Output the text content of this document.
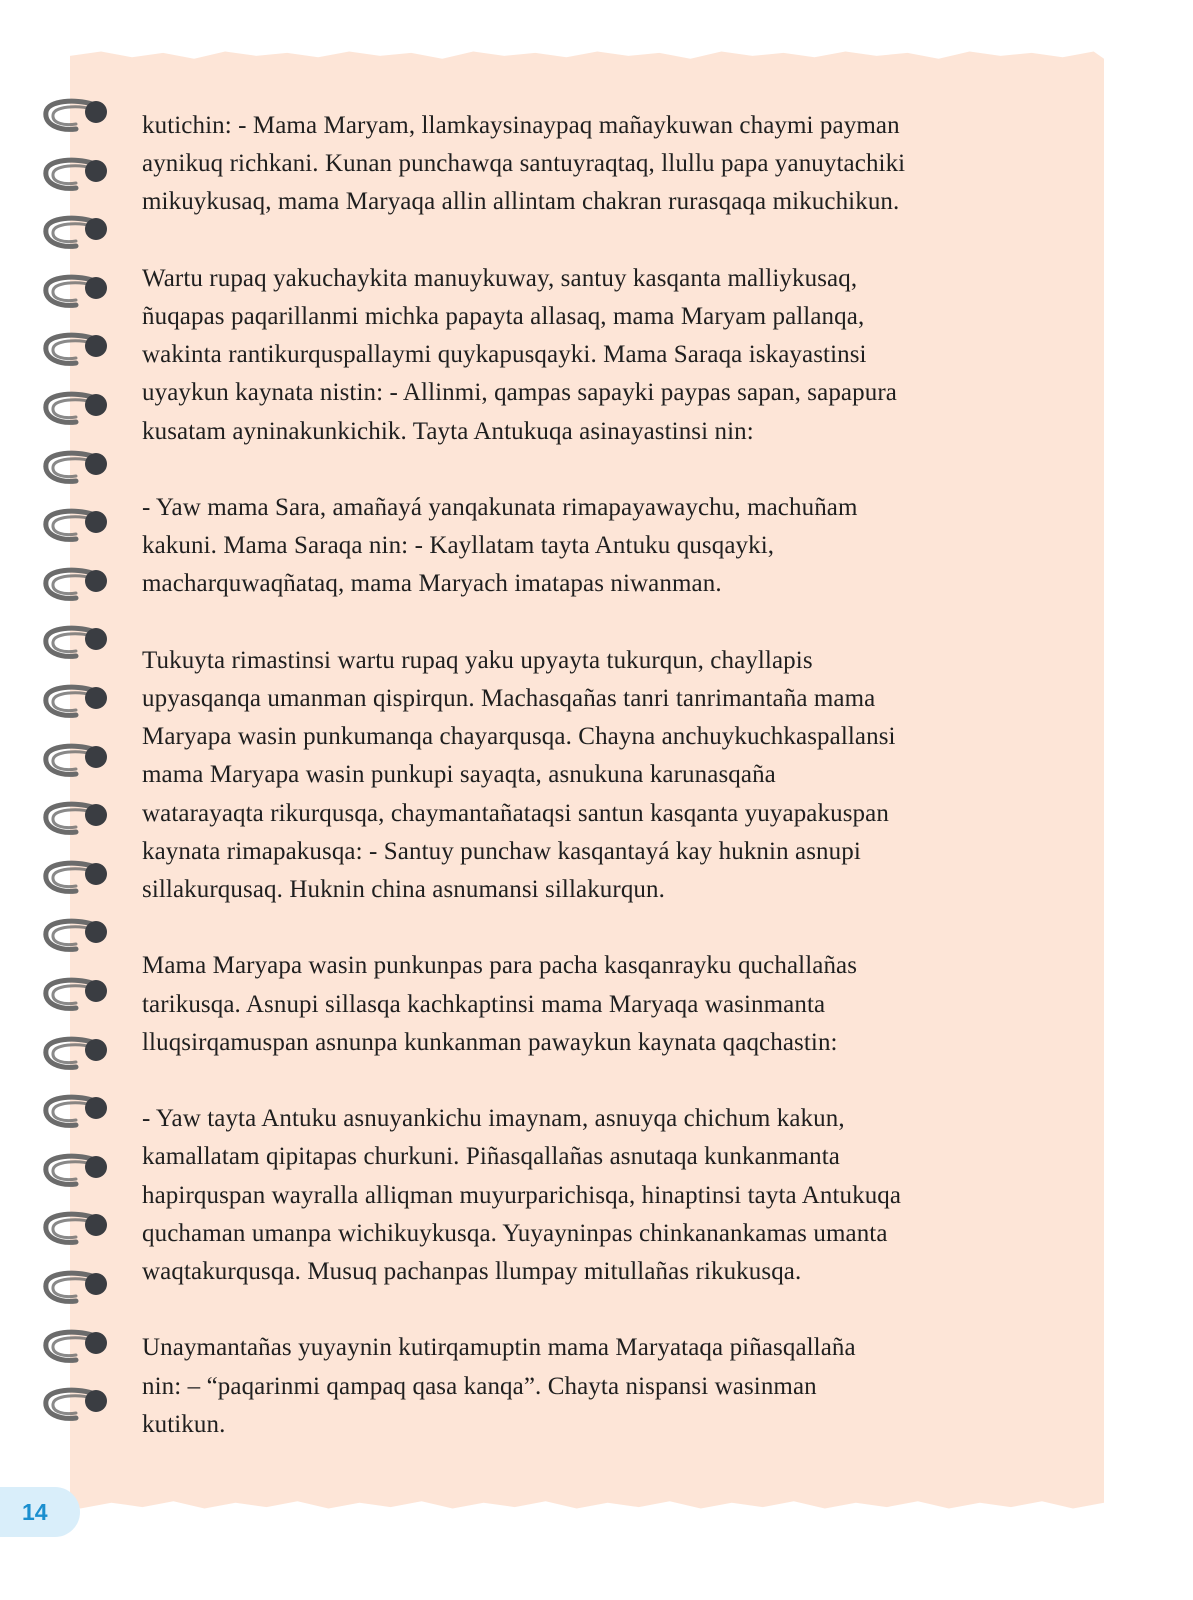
kutichin: - Mama Maryam, llamkaysinaypaq mañaykuwan chaymi payman
aynikuq richkani. Kunan punchawqa santuyraqtaq, llullu papa yanuytachiki
mikuykusaq, mama Maryaqa allin allintam chakran rurasqaqa mikuchikun.

Wartu rupaq yakuchaykita manuykuway, santuy kasqanta malliykusaq,
ñuqapas paqarillanmi michka papayta allasaq, mama Maryam pallanqa,
wakinta rantikurquspallaymi quykapusqayki. Mama Saraqa iskayastinsi
uyaykun kaynata nistin: - Allinmi, qampas sapayki paypas sapan, sapapura
kusatam ayninakunkichik. Tayta Antukuqa asinayastinsi nin:

- Yaw mama Sara, amañayá yanqakunata rimapayawaychu, machuñam
kakuni. Mama Saraqa nin: - Kayllatam tayta Antuku qusqayki,
macharquwaqñataq, mama Maryach imatapas niwanman.

Tukuyta rimastinsi wartu rupaq yaku upyayta tukurqun, chayllapis
upyasqanqa umanman qispirqun. Machasqañas tanri tanrimantaña mama
Maryapa wasin punkumanqa chayarqusqa. Chayna anchuykuchkaspallansi
mama Maryapa wasin punkupi sayaqta, asnukuna karunasqaña
watarayaqta rikurqusqa, chaymantañataqsi santun kasqanta yuyapakuspan
kaynata rimapakusqa: - Santuy punchaw kasqantayá kay huknin asnupi
sillakurqusaq. Huknin china asnumansi sillakurqun.

Mama Maryapa wasin punkunpas para pacha kasqanrayku quchallañas
tarikusqa. Asnupi sillasqa kachkaptinsi mama Maryaqa wasinmanta
lluqsirqamuspan asnunpa kunkanman pawaykun kaynata qaqchastin:

- Yaw tayta Antuku asnuyankichu imaynam, asnuyqa chichum kakun,
kamallatam qipitapas churkuni. Piñasqallañas asnutaqa kunkanmanta
hapirquspan wayralla alliqman muyurparichisqa, hinaptinsi tayta Antukuqa
quchaman umanpa wichikuykusqa. Yuyayninpas chinkanankamas umanta
waqtakurqusqa. Musuq pachanpas llumpay mitullañas rikukusqa.

Unaymantañas yuyaynin kutirqamuptin mama Maryataqa piñasqallaña
nin: – “paqarinmi qampaq qasa kanqa”. Chayta nispansi wasinman
kutikun.

14
